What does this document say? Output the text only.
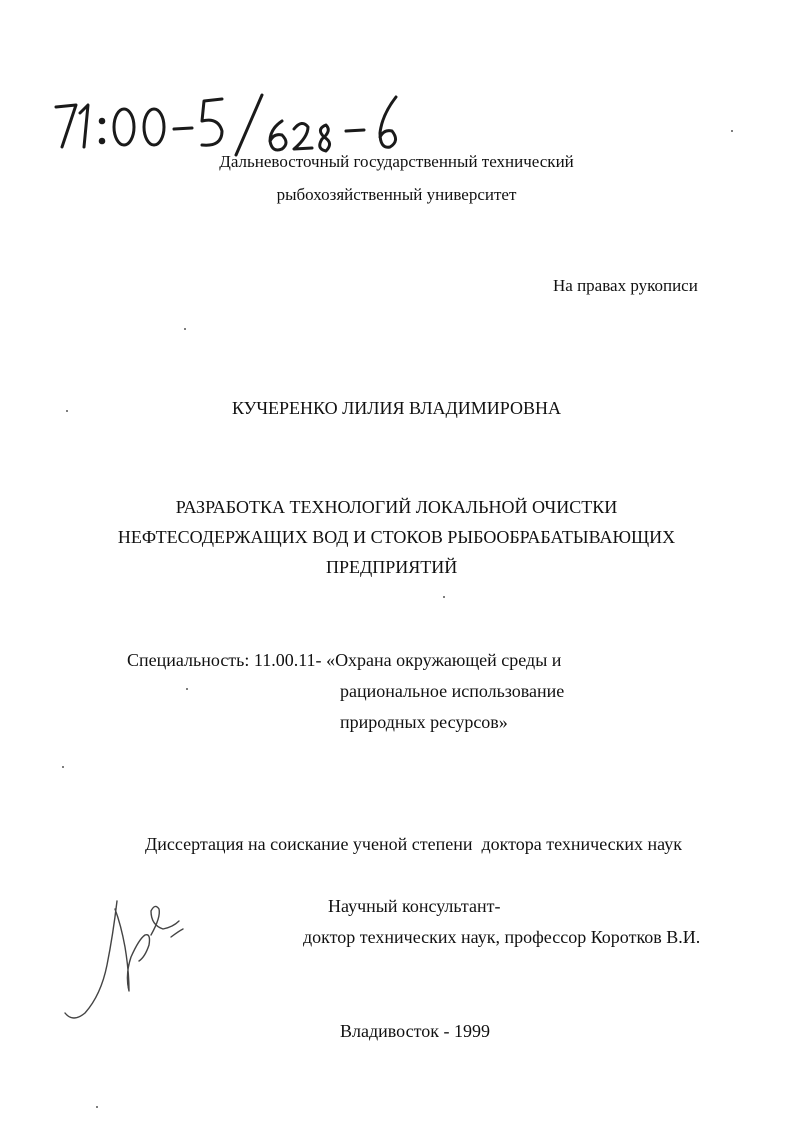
Дальневосточный государственный технический
рыбохозяйственный университет
На правах рукописи
КУЧЕРЕНКО ЛИЛИЯ ВЛАДИМИРОВНА
РАЗРАБОТКА ТЕХНОЛОГИЙ ЛОКАЛЬНОЙ ОЧИСТКИ
НЕФТЕСОДЕРЖАЩИХ ВОД И СТОКОВ РЫБООБРАБАТЫВАЮЩИХ
ПРЕДПРИЯТИЙ
Специальность: 11.00.11- «Охрана окружающей среды и
рациональное использование
природных ресурсов»
Диссертация на соискание ученой степени  доктора технических наук
Научный консультант-
доктор технических наук, профессор Коротков В.И.
Владивосток - 1999
